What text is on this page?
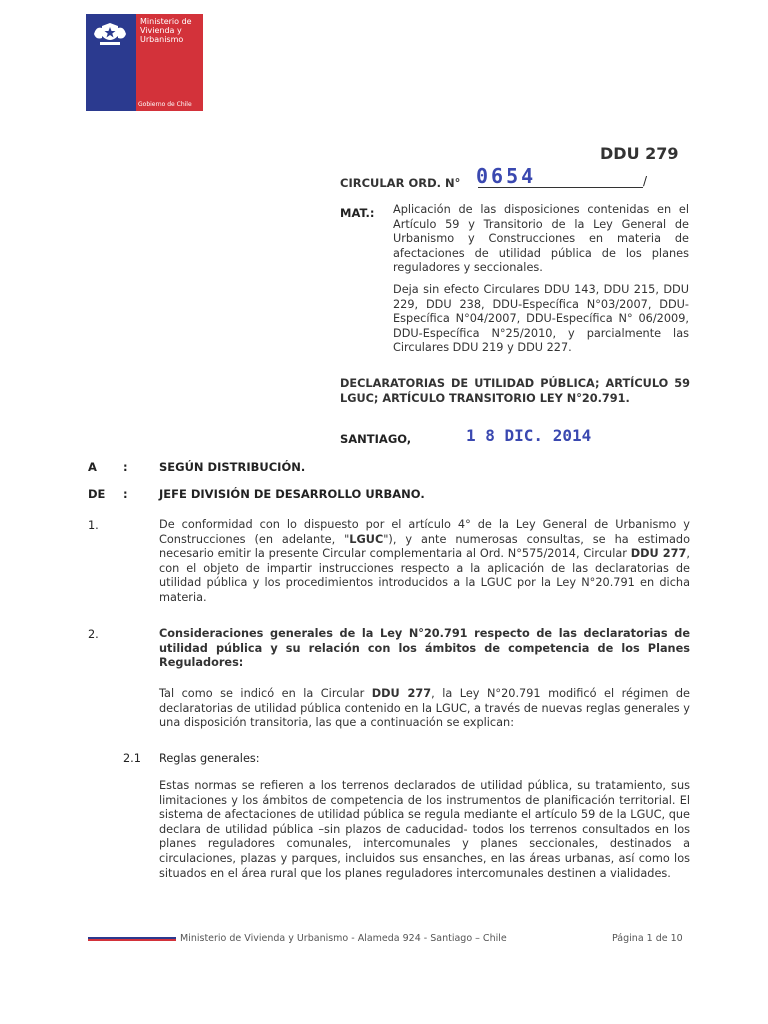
Ministerio de
Vivienda y
Urbanismo
Gobierno de Chile
DDU 279
CIRCULAR ORD. N° 0654	/
MAT.: Aplicación de las disposiciones contenidas en el Artículo 59 y Transitorio de la Ley General de Urbanismo y Construcciones en materia de afectaciones de utilidad pública de los planes reguladores y seccionales.
Deja sin efecto Circulares DDU 143, DDU 215, DDU 229, DDU 238, DDU-Específica N°03/2007, DDU-Específica N°04/2007, DDU-Específica N° 06/2009, DDU-Específica N°25/2010, y parcialmente las Circulares DDU 219 y DDU 227.
DECLARATORIAS DE UTILIDAD PÚBLICA; ARTÍCULO 59 LGUC; ARTÍCULO TRANSITORIO LEY N°20.791.
SANTIAGO,	1 8 DIC. 2014
A :	SEGÚN DISTRIBUCIÓN.
DE :	JEFE DIVISIÓN DE DESARROLLO URBANO.
1.	De conformidad con lo dispuesto por el artículo 4° de la Ley General de Urbanismo y Construcciones (en adelante, "LGUC"), y ante numerosas consultas, se ha estimado necesario emitir la presente Circular complementaria al Ord. N°575/2014, Circular DDU 277, con el objeto de impartir instrucciones respecto a la aplicación de las declaratorias de utilidad pública y los procedimientos introducidos a la LGUC por la Ley N°20.791 en dicha materia.
2.	Consideraciones generales de la Ley N°20.791 respecto de las declaratorias de utilidad pública y su relación con los ámbitos de competencia de los Planes Reguladores:
Tal como se indicó en la Circular DDU 277, la Ley N°20.791 modificó el régimen de declaratorias de utilidad pública contenido en la LGUC, a través de nuevas reglas generales y una disposición transitoria, las que a continuación se explican:
2.1 Reglas generales:
Estas normas se refieren a los terrenos declarados de utilidad pública, su tratamiento, sus limitaciones y los ámbitos de competencia de los instrumentos de planificación territorial. El sistema de afectaciones de utilidad pública se regula mediante el artículo 59 de la LGUC, que declara de utilidad pública –sin plazos de caducidad- todos los terrenos consultados en los planes reguladores comunales, intercomunales y planes seccionales, destinados a circulaciones, plazas y parques, incluidos sus ensanches, en las áreas urbanas, así como los situados en el área rural que los planes reguladores intercomunales destinen a vialidades.
Ministerio de Vivienda y Urbanismo - Alameda 924 - Santiago – Chile	Página 1 de 10
